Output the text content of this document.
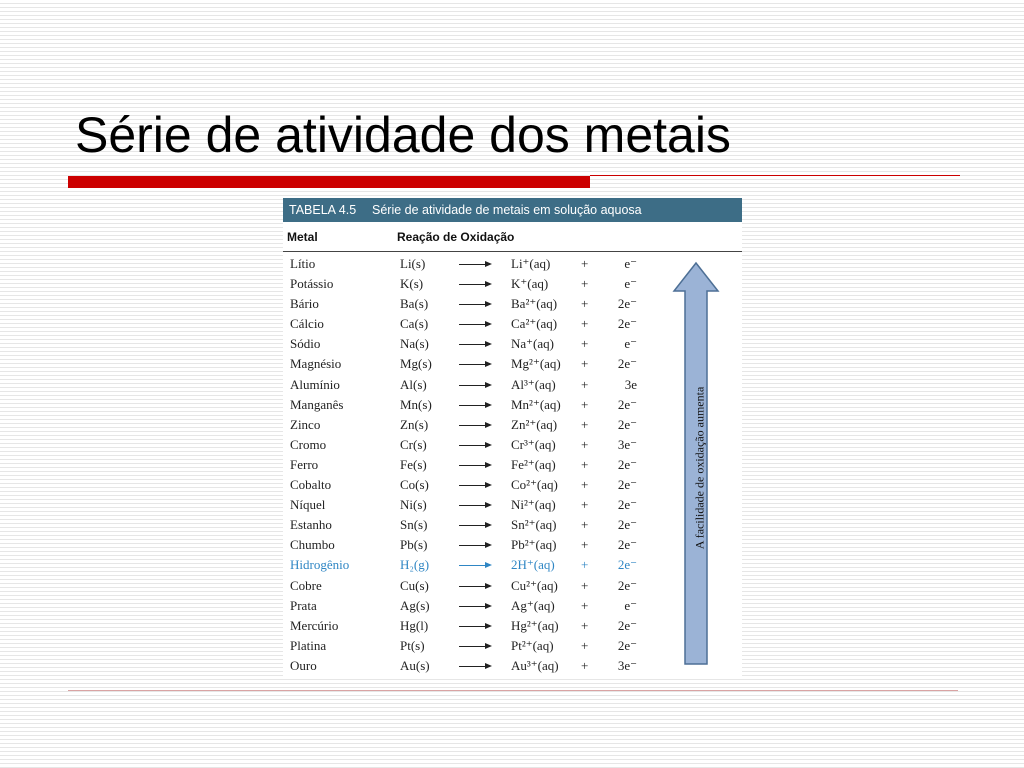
Série de atividade dos metais
TABELA 4.5 Série de atividade de metais em solução aquosa
Metal	Reação de Oxidação
Lítio	Li(s)	Li⁺(aq) +	e⁻
Potássio	K(s)	K⁺(aq)	+	e⁻
Bário	Ba(s)	Ba²⁺(aq) + 2e⁻
Cálcio	Ca(s)	Ca²⁺(aq) + 2e⁻
Sódio	Na(s)	Na⁺(aq) +	e⁻
Magnésio	Mg(s)	Mg²⁺(aq) + 2e⁻
Alumínio	Al(s)	Al³⁺(aq) +	3e
Manganês	Mn(s)	Mn²⁺(aq) + 2e⁻
Zinco	Zn(s)	Zn²⁺(aq) + 2e⁻
Cromo	Cr(s)	Cr³⁺(aq) + 3e⁻
Ferro	Fe(s)	Fe²⁺(aq) + 2e⁻
Cobalto	Co(s)	Co²⁺(aq) + 2e⁻
Níquel	Ni(s)	Ni²⁺(aq) + 2e⁻
Estanho	Sn(s)	Sn²⁺(aq) + 2e⁻
Chumbo	Pb(s)	Pb²⁺(aq) + 2e⁻
Hidrogênio	H₂(g)	2H⁺(aq) + 2e⁻
Cobre	Cu(s)	Cu²⁺(aq) + 2e⁻
Prata	Ag(s)	Ag⁺(aq) +	e⁻
Mercúrio	Hg(l)	Hg²⁺(aq) + 2e⁻
Platina	Pt(s)	Pt²⁺(aq) + 2e⁻
Ouro	Au(s)	Au³⁺(aq) + 3e⁻
A facilidade de oxidação aumenta
